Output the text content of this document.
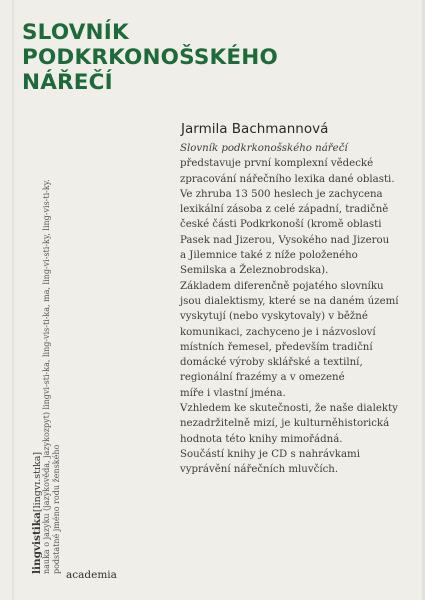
SLOVNÍK
PODKRKONOŠSKÉHO
NÁŘEČÍ
Jarmila Bachmannová
Slovník podkrkonošského nářečí
představuje první komplexní vědecké
zpracování nářečního lexika dané oblasti.
Ve zhruba 13 500 heslech je zachycena
lexikální zásoba z celé západní, tradičně
české části Podkrkonoší (kromě oblasti
Pasek nad Jizerou, Vysokého nad Jizerou
a Jilemnice také z níže položeného
Semilska a Železnobrodska).
Základem diferenčně pojatého slovníku
jsou dialektismy, které se na daném území
vyskytují (nebo vyskytovaly) v běžné
komunikaci, zachyceno je i názvosloví
místních řemesel, především tradiční
domácké výroby sklářské a textilní,
regionální frazémy a v omezené
míře i vlastní jména.
Vzhledem ke skutečnosti, že naše dialekty
nezadržitelně mizí, je kulturněhistorická
hodnota této knihy mimořádná.
Součástí knihy je CD s nahrávkami
vyprávění nářečních mluvčích.
lingvistika[lingvɪ.stɪka] nauka o jazyku (jazykověda, jazykozpyt) lingvi-sti-ka, ling-vis-ti-ka, ma, ling-vi-sti-ky, ling-vis-ti-ky. podstatné jméno rodu ženského
academia
